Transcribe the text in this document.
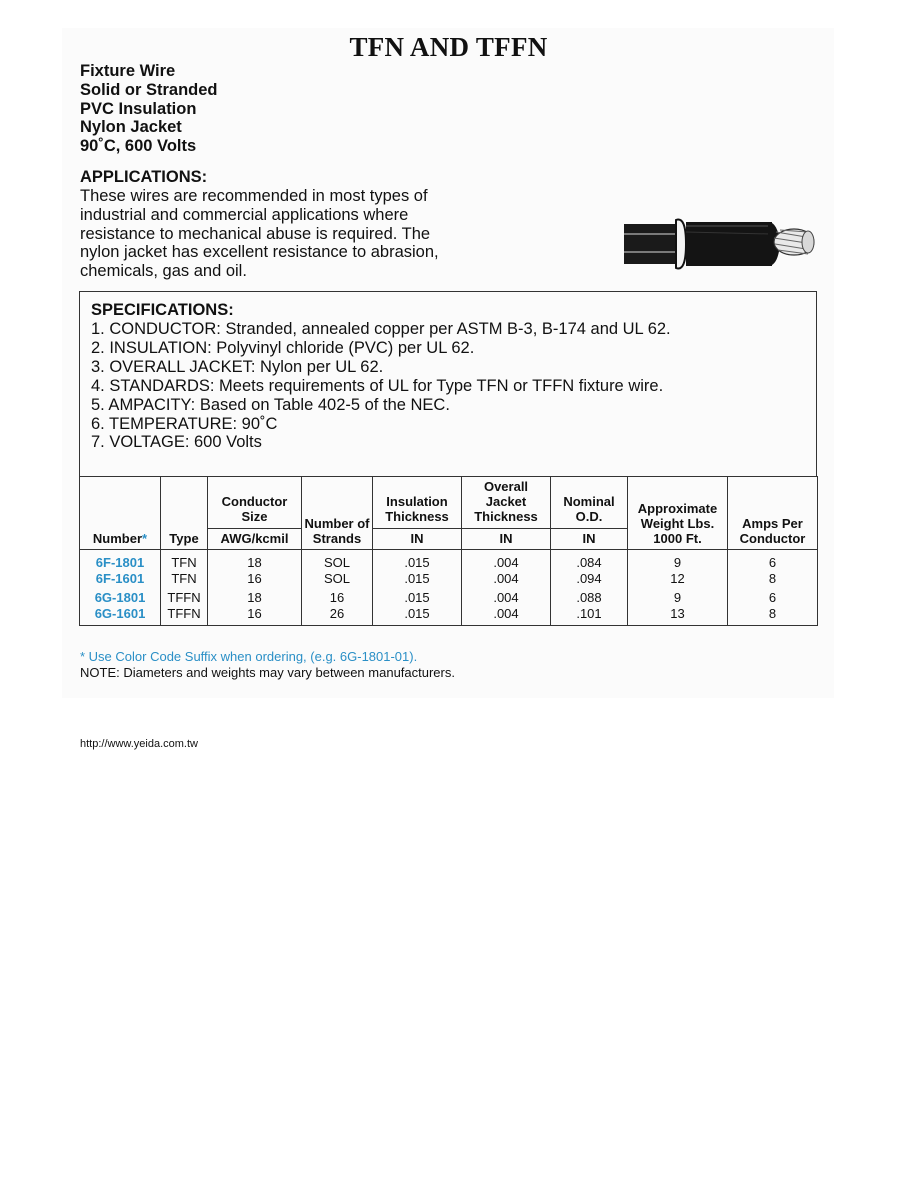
TFN AND TFFN
Fixture Wire
Solid or Stranded
PVC Insulation
Nylon Jacket
90˚C, 600 Volts
APPLICATIONS:
These wires are recommended in most types of
industrial and commercial applications where
resistance to mechanical abuse is required. The
nylon jacket has excellent resistance to abrasion,
chemicals, gas and oil.
SPECIFICATIONS:
1. CONDUCTOR: Stranded, annealed copper per ASTM B-3, B-174 and UL 62.
2. INSULATION: Polyvinyl chloride (PVC) per UL 62.
3. OVERALL JACKET: Nylon per UL 62.
4. STANDARDS: Meets requirements of UL for Type TFN or TFFN fixture wire.
5. AMPACITY: Based on Table 402-5 of the NEC.
6. TEMPERATURE: 90˚C
7. VOLTAGE: 600 Volts
Number*	Type	Conductor Size	Number of Strands	Insulation Thickness	Overall Jacket Thickness	Nominal O.D.	Approximate Weight Lbs. 1000 Ft.	Amps Per Conductor
		AWG/kcmil		IN	IN	IN		
6F-1801	TFN	18	SOL	.015	.004	.084	9	6
6F-1601	TFN	16	SOL	.015	.004	.094	12	8
6G-1801	TFFN	18	16	.015	.004	.088	9	6
6G-1601	TFFN	16	26	.015	.004	.101	13	8
* Use Color Code Suffix when ordering, (e.g. 6G-1801-01).
NOTE: Diameters and weights may vary between manufacturers.
http://www.yeida.com.tw
